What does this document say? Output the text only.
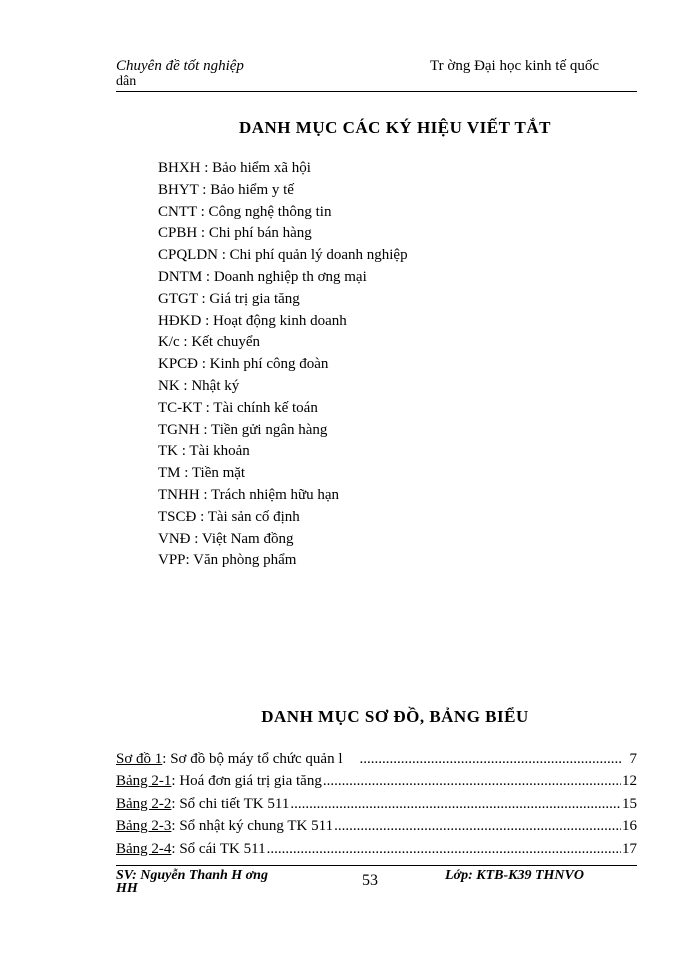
Chuyên đề tốt nghiệp
dân
Tr ờng Đại học kinh tế quốc
DANH MỤC CÁC KÝ HIỆU VIẾT TẮT
BHXH : Bảo hiểm xã hội
BHYT : Bảo hiểm y tế
CNTT : Công nghệ thông tin
CPBH : Chi phí bán hàng
CPQLDN : Chi phí quản lý doanh nghiệp
DNTM : Doanh nghiệp th ơng mại
GTGT : Giá trị gia tăng
HĐKD : Hoạt động kinh doanh
K/c : Kết chuyển
KPCĐ : Kinh phí công đoàn
NK : Nhật ký
TC-KT : Tài chính kế toán
TGNH : Tiền gửi ngân hàng
TK : Tài khoản
TM : Tiền mặt
TNHH : Trách nhiệm hữu hạn
TSCĐ : Tài sản cố định
VNĐ : Việt Nam đồng
VPP: Văn phòng phẩm
DANH MỤC SƠ ĐỒ, BẢNG BIỂU
Sơ đồ 1 : Sơ đồ bộ máy tổ chức quản l .....	7
Bảng 2-1 : Hoá đơn giá trị gia tăng .....	12
Bảng 2-2 : Sổ chi tiết TK 511 .....	15
Bảng 2-3 : Sổ nhật ký chung TK 511 .....	16
Bảng 2-4 : Sổ cái TK 511 .....	17
SV: Nguyễn Thanh H ơng
HH	53	Lớp: KTB-K39 THNVO
